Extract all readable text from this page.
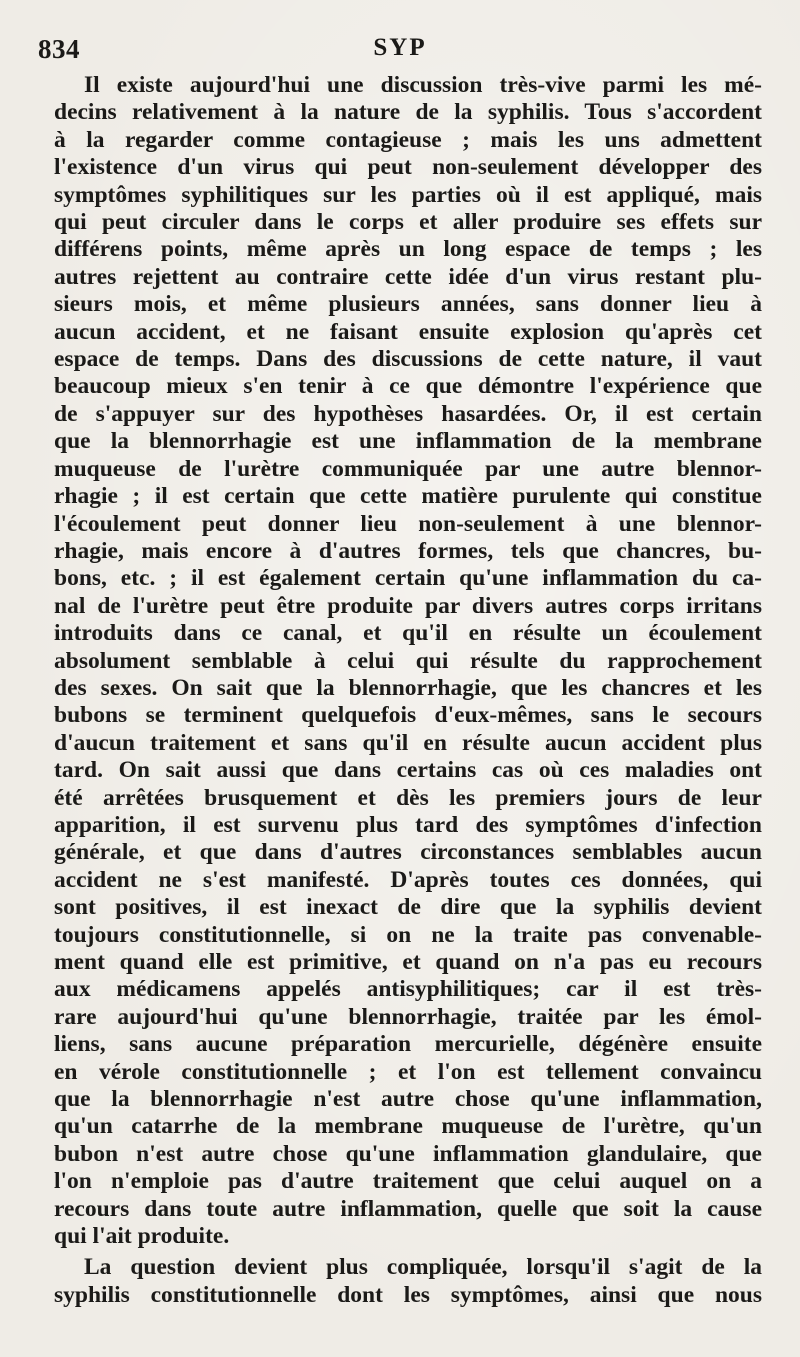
834	SYP

Il existe aujourd'hui une discussion très-vive parmi les mé-
decins relativement à la nature de la syphilis. Tous s'accordent
à la regarder comme contagieuse ; mais les uns admettent
l'existence d'un virus qui peut non-seulement développer des
symptômes syphilitiques sur les parties où il est appliqué, mais
qui peut circuler dans le corps et aller produire ses effets sur
différens points, même après un long espace de temps ; les
autres rejettent au contraire cette idée d'un virus restant plu-
sieurs mois, et même plusieurs années, sans donner lieu à
aucun accident, et ne faisant ensuite explosion qu'après cet
espace de temps. Dans des discussions de cette nature, il vaut
beaucoup mieux s'en tenir à ce que démontre l'expérience que
de s'appuyer sur des hypothèses hasardées. Or, il est certain
que la blennorrhagie est une inflammation de la membrane
muqueuse de l'urètre communiquée par une autre blennor-
rhagie ; il est certain que cette matière purulente qui constitue
l'écoulement peut donner lieu non-seulement à une blennor-
rhagie, mais encore à d'autres formes, tels que chancres, bu-
bons, etc. ; il est également certain qu'une inflammation du ca-
nal de l'urètre peut être produite par divers autres corps irritans
introduits dans ce canal, et qu'il en résulte un écoulement
absolument semblable à celui qui résulte du rapprochement
des sexes. On sait que la blennorrhagie, que les chancres et les
bubons se terminent quelquefois d'eux-mêmes, sans le secours
d'aucun traitement et sans qu'il en résulte aucun accident plus
tard. On sait aussi que dans certains cas où ces maladies ont
été arrêtées brusquement et dès les premiers jours de leur
apparition, il est survenu plus tard des symptômes d'infection
générale, et que dans d'autres circonstances semblables aucun
accident ne s'est manifesté. D'après toutes ces données, qui
sont positives, il est inexact de dire que la syphilis devient
toujours constitutionnelle, si on ne la traite pas convenable-
ment quand elle est primitive, et quand on n'a pas eu recours
aux médicamens appelés antisyphilitiques; car il est très-
rare aujourd'hui qu'une blennorrhagie, traitée par les émol-
liens, sans aucune préparation mercurielle, dégénère ensuite
en vérole constitutionnelle ; et l'on est tellement convaincu
que la blennorrhagie n'est autre chose qu'une inflammation,
qu'un catarrhe de la membrane muqueuse de l'urètre, qu'un
bubon n'est autre chose qu'une inflammation glandulaire, que
l'on n'emploie pas d'autre traitement que celui auquel on a
recours dans toute autre inflammation, quelle que soit la cause
qui l'ait produite.

La question devient plus compliquée, lorsqu'il s'agit de la
syphilis constitutionnelle dont les symptômes, ainsi que nous
